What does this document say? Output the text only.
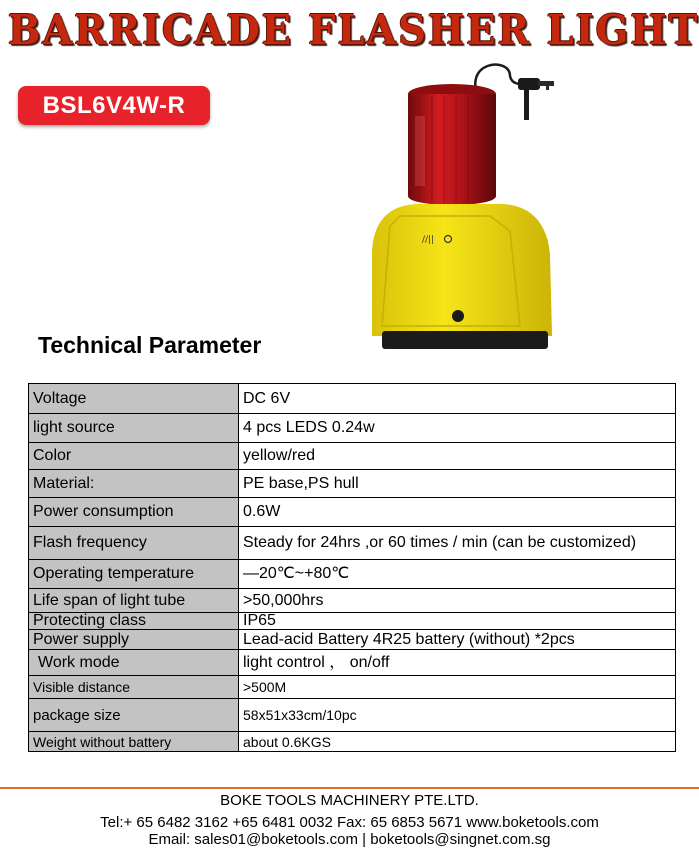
BARRICADE FLASHER LIGHT
BSL6V4W-R
//||
Technical Parameter
Voltage	DC 6V
light source	4 pcs LEDS 0.24w
Color	yellow/red
Material:	PE base,PS hull
Power consumption	0.6W
Flash frequency	Steady for 24hrs ,or 60 times / min (can be customized)
Operating temperature	—20℃~+80℃
Life span of light tube	>50,000hrs
Protecting class	IP65
Power supply	Lead-acid Battery 4R25 battery (without) *2pcs
Work mode	light control ， on/off
Visible distance	>500M
package size	58x51x33cm/10pc
Weight without battery	about 0.6KGS

BOKE TOOLS MACHINERY PTE.LTD.

Tel:+ 65 6482 3162 +65 6481 0032 Fax: 65 6853 5671 www.boketools.com

Email: sales01@boketools.com | boketools@singnet.com.sg
